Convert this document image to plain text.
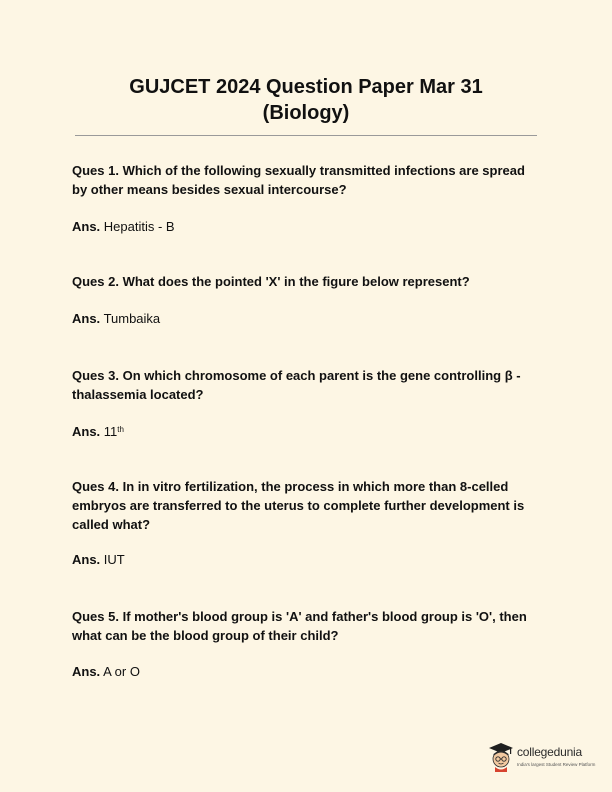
GUJCET 2024 Question Paper Mar 31
(Biology)

Ques 1. Which of the following sexually transmitted infections are spread by other means besides sexual intercourse?

Ans. Hepatitis - B

Ques 2. What does the pointed 'X' in the figure below represent?

Ans. Tumbaika

Ques 3. On which chromosome of each parent is the gene controlling β - thalassemia located?

Ans. 11th

Ques 4. In in vitro fertilization, the process in which more than 8-celled embryos are transferred to the uterus to complete further development is called what?

Ans. IUT

Ques 5. If mother's blood group is 'A' and father's blood group is 'O', then what can be the blood group of their child?

Ans. A or O

collegedunia
India's largest Student Review Platform
